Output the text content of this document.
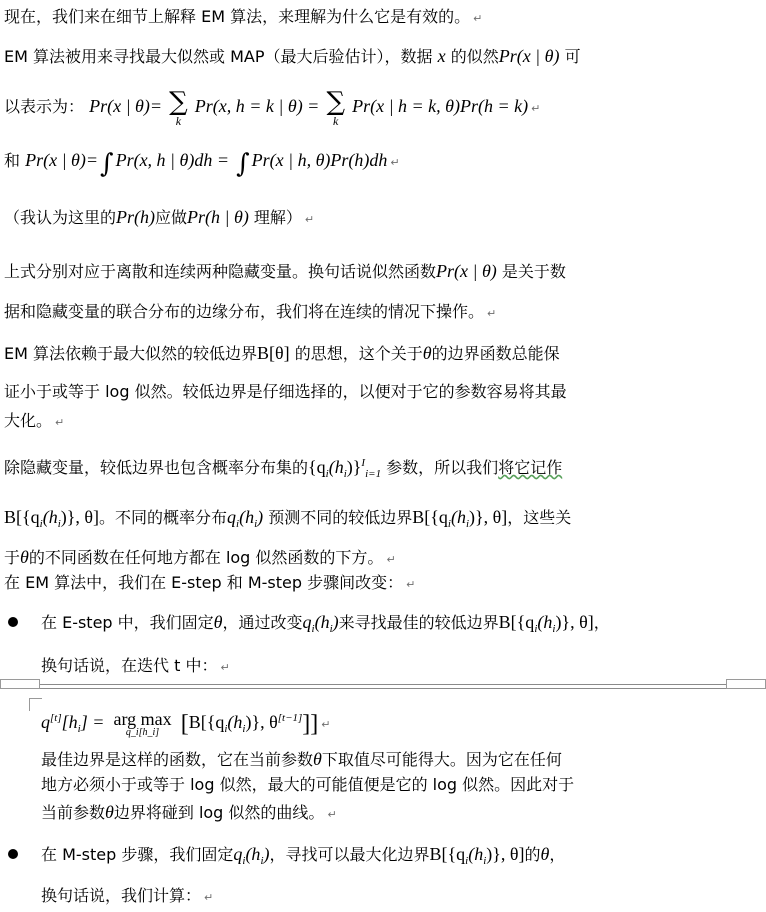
现在，我们来在细节上解释 EM 算法，来理解为什么它是有效的。 ↵
EM 算法被用来寻找最大似然或 MAP（最大后验估计），数据 x 的似然Pr(x | θ) 可
以表示为： Pr(x | θ)= ∑
k
Pr(x, h = k | θ) = ∑
k
Pr(x | h = k, θ)Pr(h = k) ↵
和 Pr(x | θ)=∫ Pr(x, h | θ)dh = ∫ Pr(x | h, θ)Pr(h)dh ↵
（我认为这里的Pr(h)应做Pr(h | θ) 理解） ↵
上式分别对应于离散和连续两种隐藏变量。换句话说似然函数Pr(x | θ) 是关于数
据和隐藏变量的联合分布的边缘分布，我们将在连续的情况下操作。 ↵
EM 算法依赖于最大似然的较低边界B[θ] 的思想，这个关于θ的边界函数总能保
证小于或等于 log 似然。较低边界是仔细选择的，以便对于它的参数容易将其最
大化。 ↵
除隐藏变量，较低边界也包含概率分布集的$\{q_i(h_i)\}^I_{i=1}$ 参数，所以我们将它记作
$B[\{q_i(h_i)\}$, θ]。不同的概率分布$q_i(h_i)$ 预测不同的较低边界$B[\{q_i(h_i)\}$, θ]，这些关
于θ的不同函数在任何地方都在 log 似然函数的下方。 ↵
在 EM 算法中，我们在 E-step 和 M-step 步骤间改变： ↵
在 E-step 中，我们固定θ，通过改变$q_i(h_i)$来寻找最佳的较低边界$B[\{q_i(h_i)\}$, θ]，
换句话说，在迭代 t 中： ↵
$q[t][h_i]$ = arg max
q_i[h_i] [$B[\{q_i(h_i)\}$, θ[t−1]]] ↵
最佳边界是这样的函数，它在当前参数θ下取值尽可能得大。因为它在任何
地方必须小于或等于 log 似然，最大的可能值便是它的 log 似然。因此对于
当前参数θ边界将碰到 log 似然的曲线。 ↵
在 M-step 步骤，我们固定$q_i(h_i)$，寻找可以最大化边界$B[\{q_i(h_i)\}$, θ]的θ，
换句话说，我们计算： ↵
